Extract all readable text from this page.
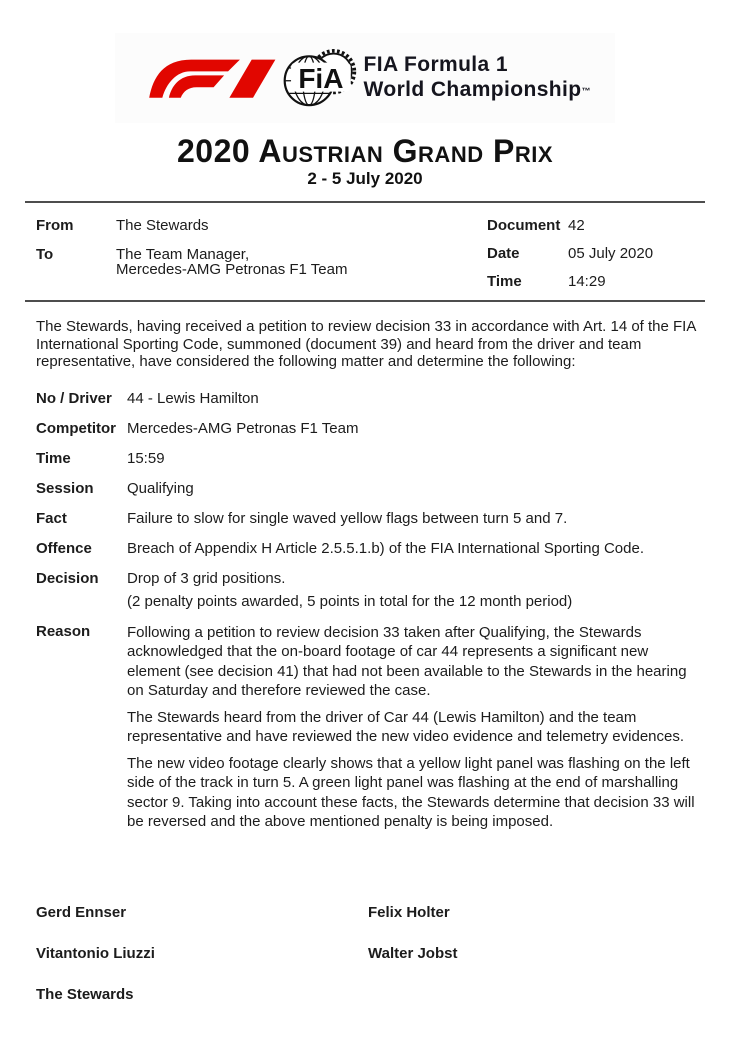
FiA FIA Formula 1
World Championship™
2020 Austrian Grand Prix
2 - 5 July 2020
From	The Stewards
To	The Team Manager,
Mercedes-AMG Petronas F1 Team
Document 42
Date	05 July 2020
Time	14:29

The Stewards, having received a petition to review decision 33 in accordance with Art. 14 of the FIA International Sporting Code, summoned (document 39) and heard from the driver and team representative, have considered the following matter and determine the following:

No / Driver	44 - Lewis Hamilton
Competitor Mercedes-AMG Petronas F1 Team
Time	15:59
Session	Qualifying
Fact	Failure to slow for single waved yellow flags between turn 5 and 7.
Offence	Breach of Appendix H Article 2.5.5.1.b) of the FIA International Sporting Code.
Decision	Drop of 3 grid positions.
(2 penalty points awarded, 5 points in total for the 12 month period)
Reason	Following a petition to review decision 33 taken after Qualifying, the Stewards acknowledged that the on-board footage of car 44 represents a significant new element (see decision 41) that had not been available to the Stewards in the hearing on Saturday and therefore reviewed the case.

The Stewards heard from the driver of Car 44 (Lewis Hamilton) and the team representative and have reviewed the new video evidence and telemetry evidences.

The new video footage clearly shows that a yellow light panel was flashing on the left side of the track in turn 5. A green light panel was flashing at the end of marshalling sector 9. Taking into account these facts, the Stewards determine that decision 33 will be reversed and the above mentioned penalty is being imposed.

Gerd Ennser	Felix Holter
Vitantonio Liuzzi	Walter Jobst
The Stewards
